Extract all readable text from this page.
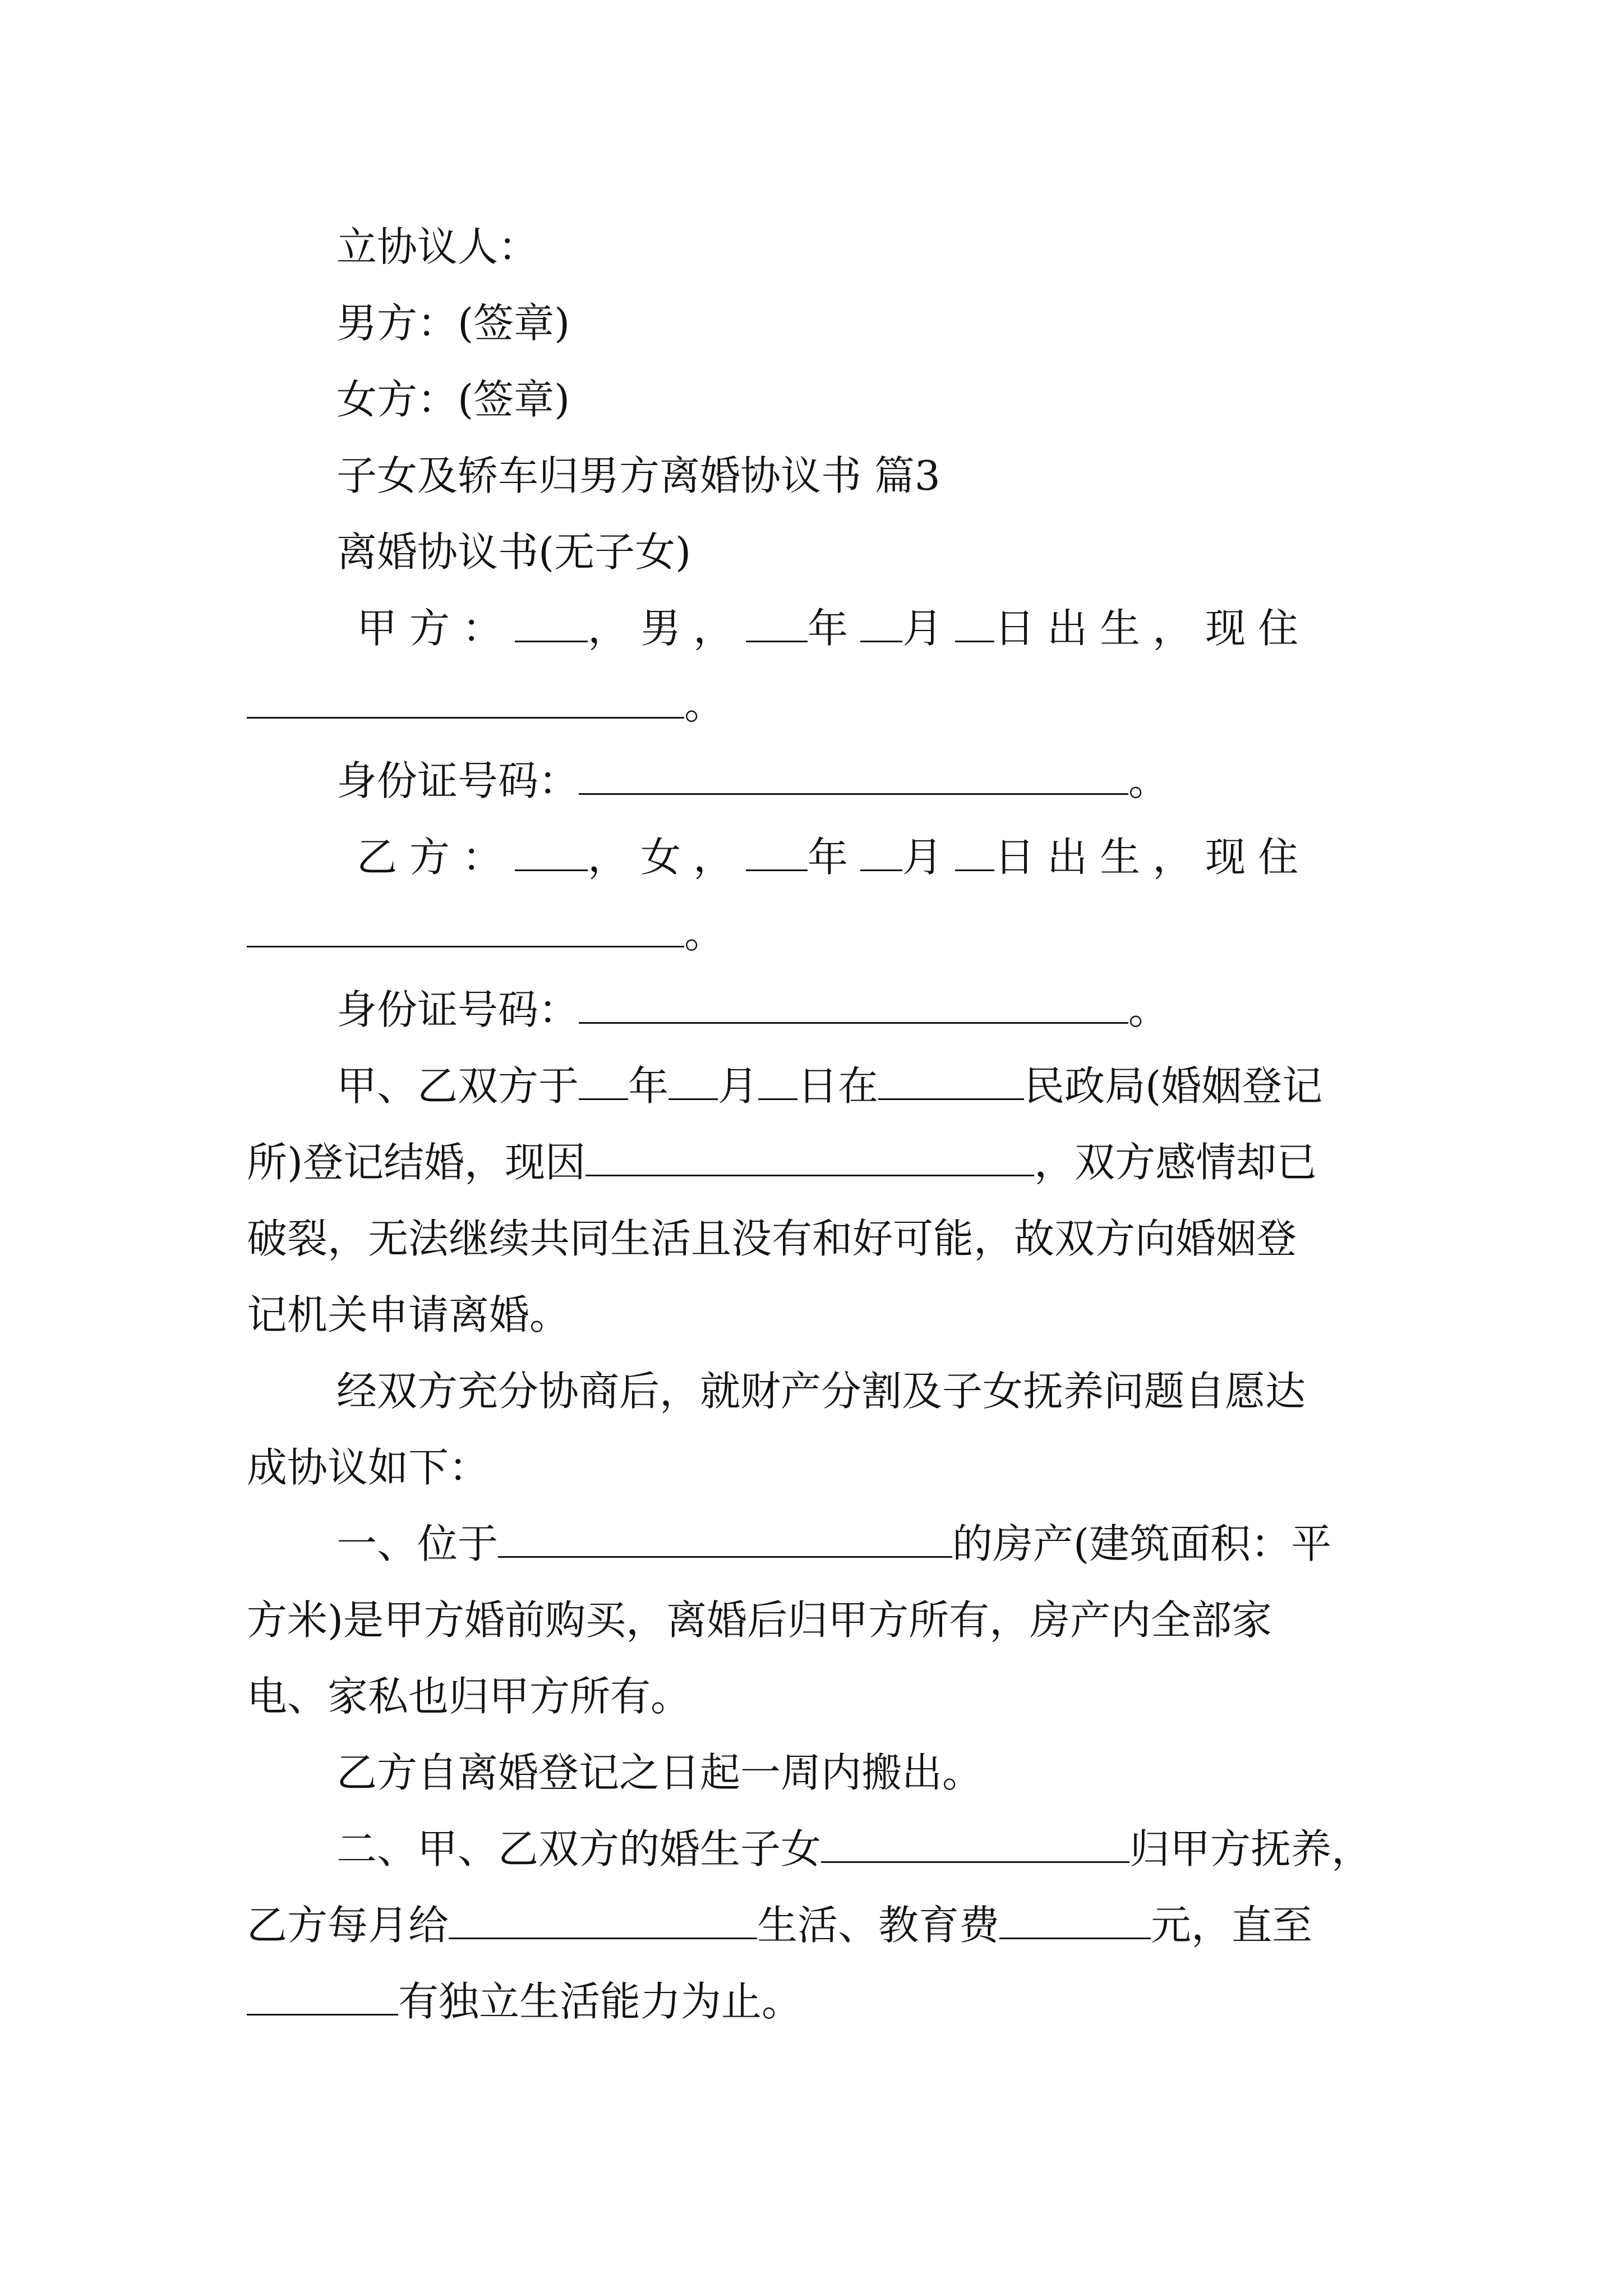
立协议人：
男方：(签章)
女方：(签章)
子女及轿车归男方离婚协议书 篇3
离婚协议书(无子女)
甲方： ，男， 年 月 日出生，现住
。
身份证号码：	。
乙方： ，女， 年 月 日出生，现住
。
身份证号码：	。
甲、乙双方于 年 月 日在	民政局(婚姻登记
所)登记结婚，现因	，双方感情却已
破裂，无法继续共同生活且没有和好可能，故双方向婚姻登
记机关申请离婚。
经双方充分协商后，就财产分割及子女抚养问题自愿达
成协议如下：
一、位于	的房产(建筑面积：平
方米)是甲方婚前购买，离婚后归甲方所有，房产内全部家
电、家私也归甲方所有。
乙方自离婚登记之日起一周内搬出。
二、甲、乙双方的婚生子女	归甲方抚养，
乙方每月给	生活、教育费	元，直至
有独立生活能力为止。
